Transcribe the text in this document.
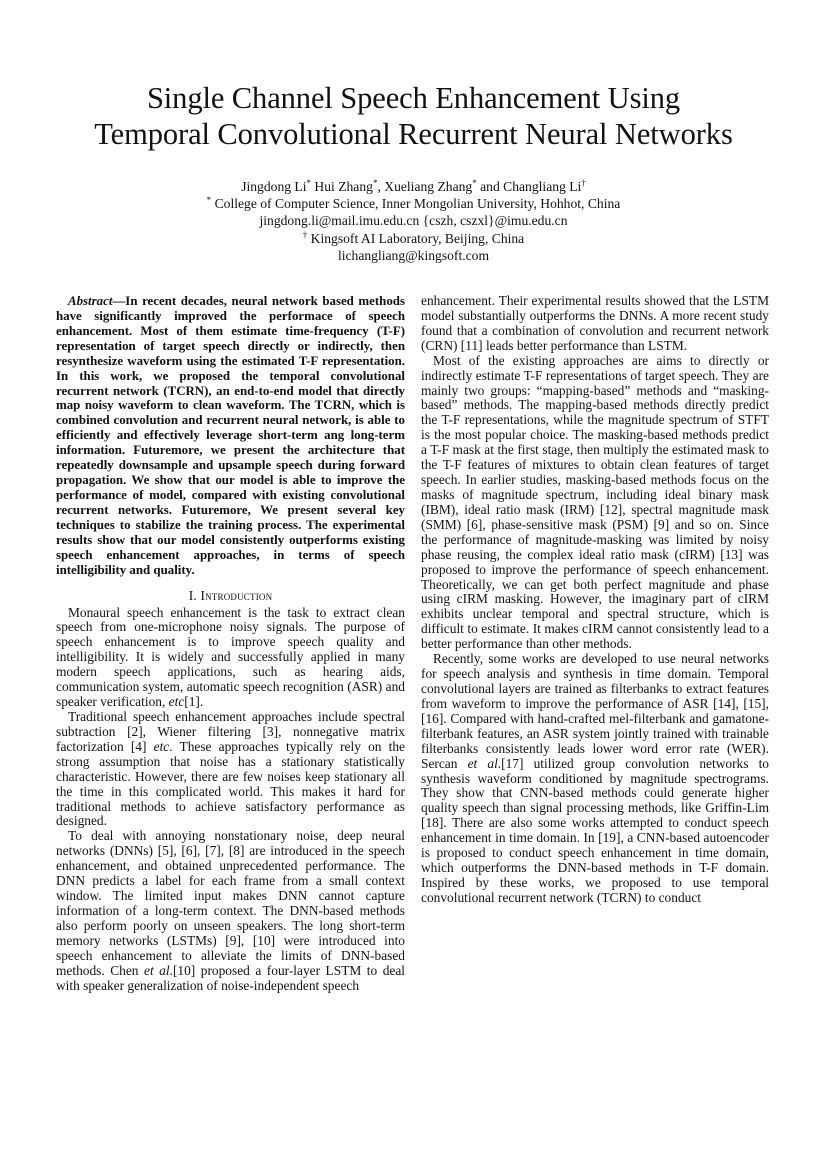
Single Channel Speech Enhancement Using
Temporal Convolutional Recurrent Neural Networks
Jingdong Li* Hui Zhang*, Xueliang Zhang* and Changliang Li†
* College of Computer Science, Inner Mongolian University, Hohhot, China
jingdong.li@mail.imu.edu.cn {cszh, cszxl}@imu.edu.cn
† Kingsoft AI Laboratory, Beijing, China
lichangliang@kingsoft.com

Abstract—In recent decades, neural network based methods have significantly improved the performace of speech enhancement. Most of them estimate time-frequency (T-F) representation of target speech directly or indirectly, then resynthesize waveform using the estimated T-F representation. In this work, we proposed the temporal convolutional recurrent network (TCRN), an end-to-end model that directly map noisy waveform to clean waveform. The TCRN, which is combined convolution and recurrent neural network, is able to efficiently and effectively leverage short-term ang long-term information. Futuremore, we present the architecture that repeatedly downsample and upsample speech during forward propagation. We show that our model is able to improve the performance of model, compared with existing convolutional recurrent networks. Futuremore, We present several key techniques to stabilize the training process. The experimental results show that our model consistently outperforms existing speech enhancement approaches, in terms of speech intelligibility and quality.

I. Introduction

Monaural speech enhancement is the task to extract clean speech from one-microphone noisy signals. The purpose of speech enhancement is to improve speech quality and intelligibility. It is widely and successfully applied in many modern speech applications, such as hearing aids, communication system, automatic speech recognition (ASR) and speaker verification, etc[1].

Traditional speech enhancement approaches include spectral subtraction [2], Wiener filtering [3], nonnegative matrix factorization [4] etc. These approaches typically rely on the strong assumption that noise has a stationary statistically characteristic. However, there are few noises keep stationary all the time in this complicated world. This makes it hard for traditional methods to achieve satisfactory performance as designed.

To deal with annoying nonstationary noise, deep neural networks (DNNs) [5], [6], [7], [8] are introduced in the speech enhancement, and obtained unprecedented performance. The DNN predicts a label for each frame from a small context window. The limited input makes DNN cannot capture information of a long-term context. The DNN-based methods also perform poorly on unseen speakers. The long short-term memory networks (LSTMs) [9], [10] were introduced into speech enhancement to alleviate the limits of DNN-based methods. Chen et al.[10] proposed a four-layer LSTM to deal with speaker generalization of noise-independent speech

enhancement. Their experimental results showed that the LSTM model substantially outperforms the DNNs. A more recent study found that a combination of convolution and recurrent network (CRN) [11] leads better performance than LSTM.

Most of the existing approaches are aims to directly or indirectly estimate T-F representations of target speech. They are mainly two groups: “mapping-based” methods and “masking-based” methods. The mapping-based methods directly predict the T-F representations, while the magnitude spectrum of STFT is the most popular choice. The masking-based methods predict a T-F mask at the first stage, then multiply the estimated mask to the T-F features of mixtures to obtain clean features of target speech. In earlier studies, masking-based methods focus on the masks of magnitude spectrum, including ideal binary mask (IBM), ideal ratio mask (IRM) [12], spectral magnitude mask (SMM) [6], phase-sensitive mask (PSM) [9] and so on. Since the performance of magnitude-masking was limited by noisy phase reusing, the complex ideal ratio mask (cIRM) [13] was proposed to improve the performance of speech enhancement. Theoretically, we can get both perfect magnitude and phase using cIRM masking. However, the imaginary part of cIRM exhibits unclear temporal and spectral structure, which is difficult to estimate. It makes cIRM cannot consistently lead to a better performance than other methods.

Recently, some works are developed to use neural networks for speech analysis and synthesis in time domain. Temporal convolutional layers are trained as filterbanks to extract features from waveform to improve the performance of ASR [14], [15], [16]. Compared with hand-crafted mel-filterbank and gamatone-filterbank features, an ASR system jointly trained with trainable filterbanks consistently leads lower word error rate (WER). Sercan et al.[17] utilized group convolution networks to synthesis waveform conditioned by magnitude spectrograms. They show that CNN-based methods could generate higher quality speech than signal processing methods, like Griffin-Lim [18]. There are also some works attempted to conduct speech enhancement in time domain. In [19], a CNN-based autoencoder is proposed to conduct speech enhancement in time domain, which outperforms the DNN-based methods in T-F domain. Inspired by these works, we proposed to use temporal convolutional recurrent network (TCRN) to conduct
